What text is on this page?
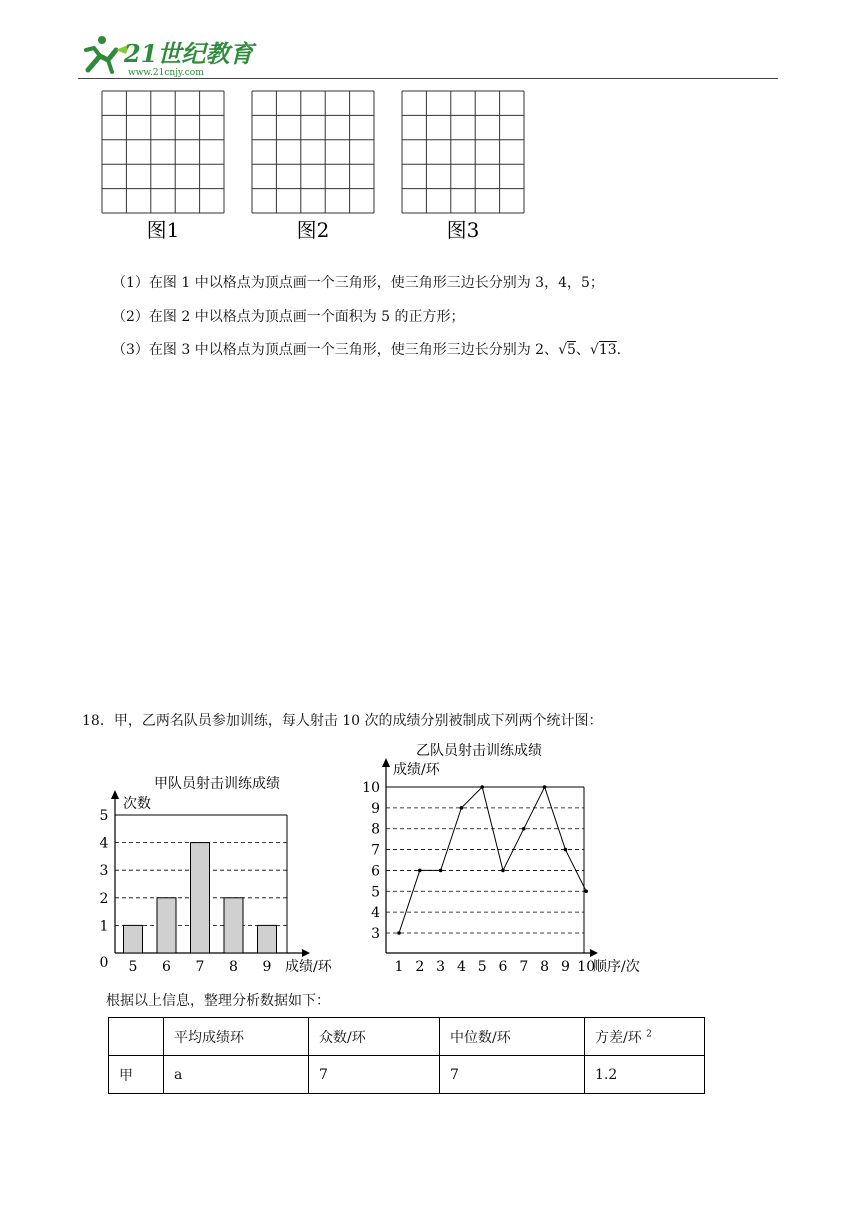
21世纪教育
www.21cnjy.com
图1	图2	图3
（1）在图 1 中以格点为顶点画一个三角形，使三角形三边长分别为 3，4，5；
（2）在图 2 中以格点为顶点画一个面积为 5 的正方形；
（3）在图 3 中以格点为顶点画一个三角形，使三角形三边长分别为 2、√5、√13.
18．甲，乙两名队员参加训练，每人射击 10 次的成绩分别被制成下列两个统计图：
甲队员射击训练成绩
次数
成绩/环
0
1
2
3
4
5
5 6 7 8 9
乙队员射击训练成绩
成绩/环
顺序/次
3
4
5
6
7
8
9
10
1 2 3 4 5 6 7 8 9 10
根据以上信息，整理分析数据如下：
	平均成绩环	众数/环	中位数/环	方差/环 $^2$
甲	a	7	7	1.2
